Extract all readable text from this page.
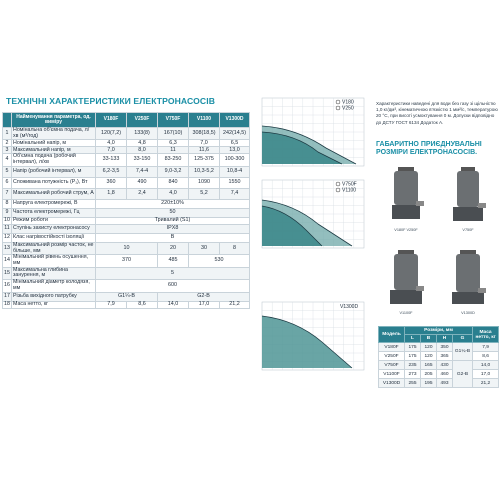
ТЕХНІЧНІ ХАРАКТЕРИСТИКИ ЕЛЕКТРОНАСОСІВ
	Найменування параметра, од. виміру	V180F	V250F	V750F	V1100	V1300D
1	Номінальна об'ємна подача, л/хв (м³/год)	120(7,2)	133(8)	167(10)	308(18,5)	242(14,5)
2	Номінальний напір, м	4,0	4,8	6,3	7,0	6,5
3	Максимальний напір, м	7,0	8,0	11	11,6	13,0
4	Об'ємна подача (робочий інтервал), л/хв	33-133	33-150	83-250	125-375	100-300
5	Напір (робочий інтервал), м	6,2-3,5	7,4-4	9,0-3,2	10,3-5,2	10,8-4
6	Споживана потужність (P₁), Вт	360	490	840	1090	1550
7	Максимальний робочий струм, А	1,8	2,4	4,0	5,2	7,4
8	Напруга електромережі, В	220±10%				
9	Частота електромережі, Гц	50				
10	Режим роботи	Тривалий (S1)				
11	Ступінь захисту електронасосу	IPX8				
12	Клас нагрівостійкості ізоляції	B				
13	Максимальний розмір часток, не більше, мм	10		20	30	8
14	Мінімальний рівень осушення, мм	370		485	530	
15	Максимальна глибина занурення, м	5				
16	Мінімальний діаметр колодязя, мм	600				
17	Різьба вихідного патрубку	G1¼-В		G2-В		
18	Маса нетто, кг	7,9	8,6	14,0	17,0	21,2
V180
V250
V750F
V1100
V1300D
Характеристики наведені для води без газу зі щільністю 1,0 кг/дм³, кінематичною в'язкістю 1 мм²/с, температурою 20 °C, при висоті усмоктування 0 м. Допуски відповідно до ДСТУ ГОСТ 6134 Додаток А.
ГАБАРИТНО ПРИЄДНУВАЛЬНІ РОЗМІРИ ЕЛЕКТРОНАСОСІВ.
V180F V250F	V750F
V1100F	V1300D
Модель	Розміри, мм				Маса нетто, кг
	L	B	H	G	
V180F	175	120	350	G1¼-В	7,9
V250F	175	120	365		8,6
V750F	235	165	430	G2-В	14,0
V1100F	273	205	460		17,0
V1300D	255	195	493		21,2
